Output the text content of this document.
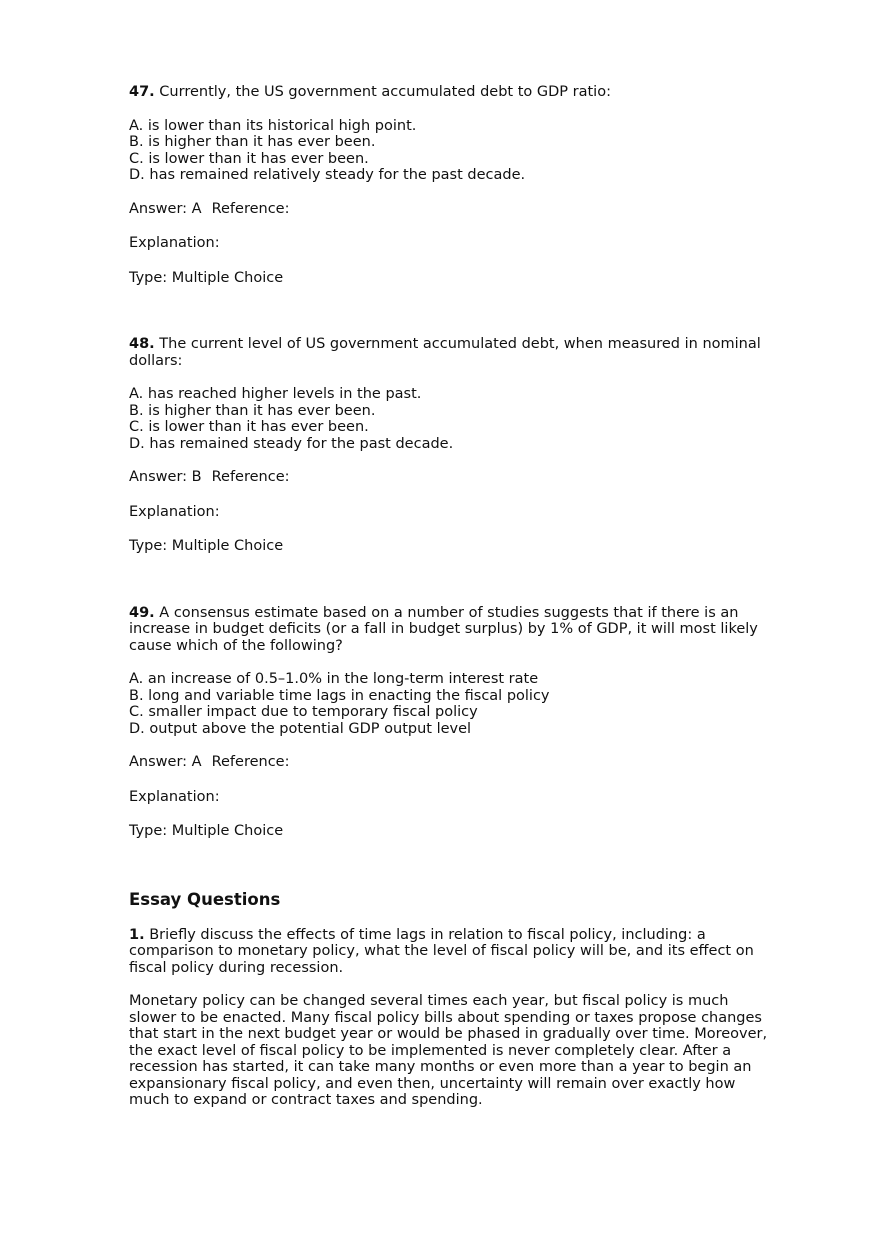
47. Currently, the US government accumulated debt to GDP ratio:

A. is lower than its historical high point.

B. is higher than it has ever been.

C. is lower than it has ever been.

D. has remained relatively steady for the past decade.

Answer: A Reference:

Explanation:

Type: Multiple Choice

48. The current level of US government accumulated debt, when measured in nominal dollars:

A. has reached higher levels in the past.

B. is higher than it has ever been.

C. is lower than it has ever been.

D. has remained steady for the past decade.

Answer: B Reference:

Explanation:

Type: Multiple Choice

49. A consensus estimate based on a number of studies suggests that if there is an increase in budget deficits (or a fall in budget surplus) by 1% of GDP, it will most likely cause which of the following?

A. an increase of 0.5–1.0% in the long-term interest rate

B. long and variable time lags in enacting the fiscal policy

C. smaller impact due to temporary fiscal policy

D. output above the potential GDP output level

Answer: A Reference:

Explanation:

Type: Multiple Choice

Essay Questions

1. Briefly discuss the effects of time lags in relation to fiscal policy, including: a comparison to monetary policy, what the level of fiscal policy will be, and its effect on fiscal policy during recession.

Monetary policy can be changed several times each year, but fiscal policy is much slower to be enacted. Many fiscal policy bills about spending or taxes propose changes that start in the next budget year or would be phased in gradually over time. Moreover, the exact level of fiscal policy to be implemented is never completely clear. After a recession has started, it can take many months or even more than a year to begin an expansionary fiscal policy, and even then, uncertainty will remain over exactly how much to expand or contract taxes and spending.
